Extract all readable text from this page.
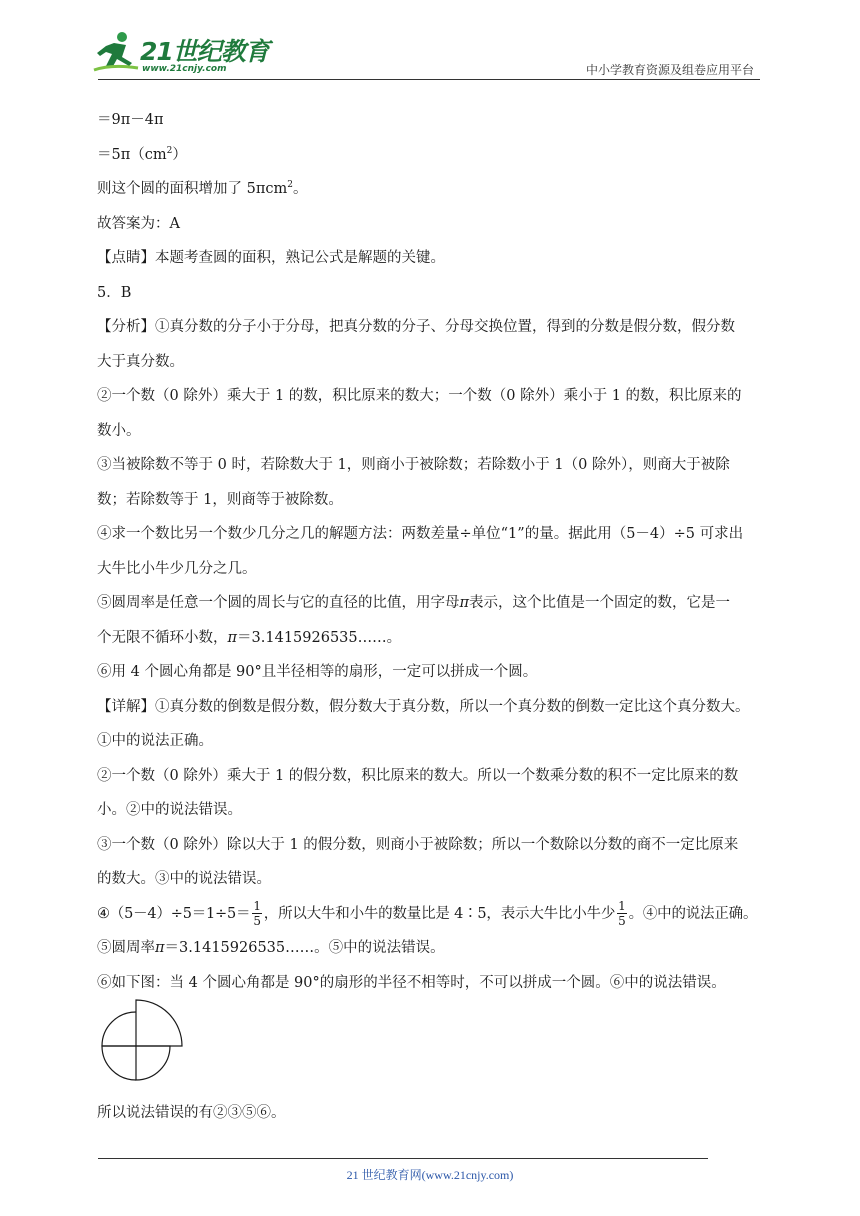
21世纪教育
www.21cnjy.com	中小学教育资源及组卷应用平台

＝9π－4π

$=5\pi(cm^2)$

则这个圆的面积增加了 5πcm$^2$。

故答案为：A

【点睛】本题考查圆的面积，熟记公式是解题的关键。

5．B

【分析】①真分数的分子小于分母，把真分数的分子、分母交换位置，得到的分数是假分数，假分数

大于真分数。

②一个数（0 除外）乘大于 1 的数，积比原来的数大；一个数（0 除外）乘小于 1 的数，积比原来的

数小。

③当被除数不等于 0 时，若除数大于 1，则商小于被除数；若除数小于 1（0 除外），则商大于被除

数；若除数等于 1，则商等于被除数。

④求一个数比另一个数少几分之几的解题方法：两数差量÷单位“1”的量。据此用（5－4）÷5 可求出

大牛比小牛少几分之几。

⑤圆周率是任意一个圆的周长与它的直径的比值，用字母π表示，这个比值是一个固定的数，它是一

个无限不循环小数，π＝3.1415926535……。

⑥用 4 个圆心角都是 90°且半径相等的扇形，一定可以拼成一个圆。

【详解】①真分数的倒数是假分数，假分数大于真分数，所以一个真分数的倒数一定比这个真分数大。

①中的说法正确。

②一个数（0 除外）乘大于 1 的假分数，积比原来的数大。所以一个数乘分数的积不一定比原来的数

小。②中的说法错误。

③一个数（0 除外）除以大于 1 的假分数，则商小于被除数；所以一个数除以分数的商不一定比原来

的数大。③中的说法错误。

④（5－4）÷5＝1÷5＝ $\frac{1}{5}$ ，所以大牛和小牛的数量比是 4∶5，表示大牛比小牛少 $\frac{1}{5}$ 。④中的说法正确。

⑤圆周率π＝3.1415926535……。⑤中的说法错误。

⑥如下图：当 4 个圆心角都是 90°的扇形的半径不相等时，不可以拼成一个圆。⑥中的说法错误。

所以说法错误的有②③⑤⑥。

21 世纪教育网(www.21cnjy.com)
